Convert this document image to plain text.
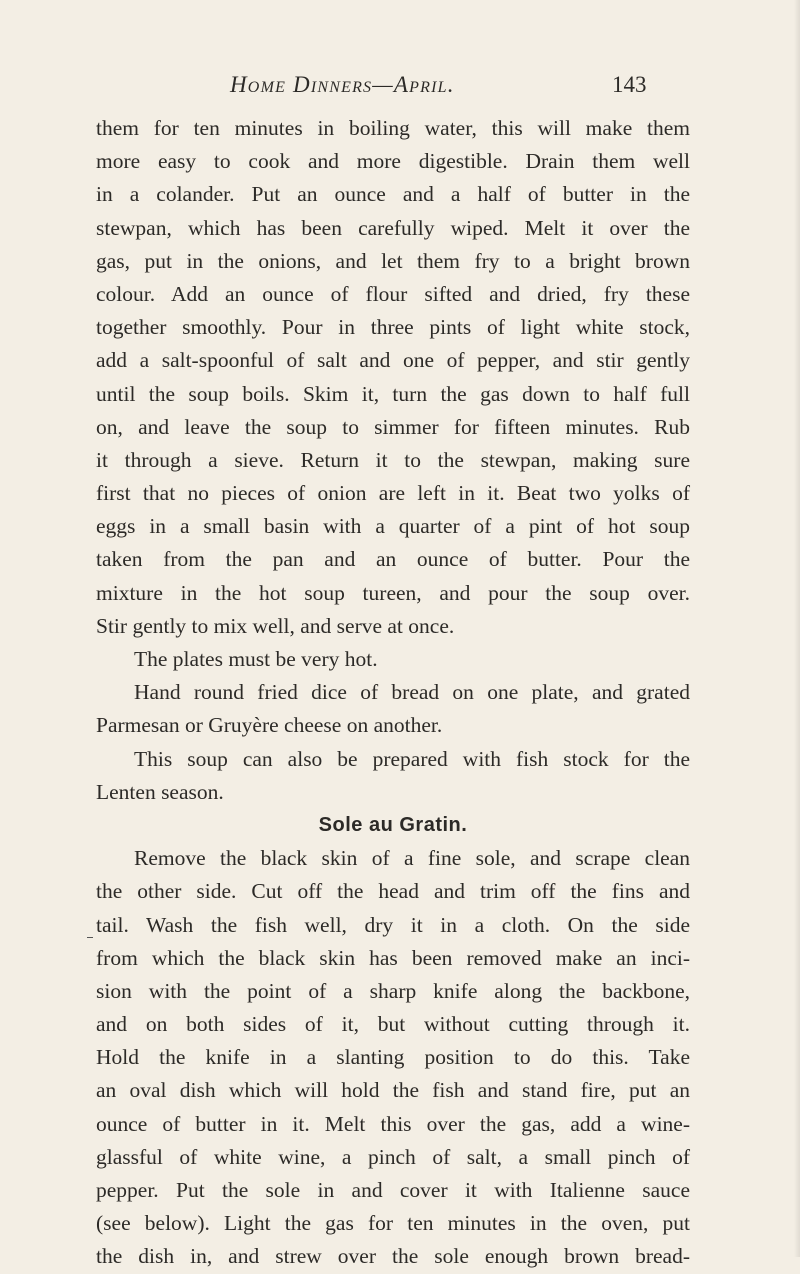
Home Dinners—April.	143
them for ten minutes in boiling water, this will make them
more easy to cook and more digestible. Drain them well
in a colander. Put an ounce and a half of butter in the
stewpan, which has been carefully wiped. Melt it over the
gas, put in the onions, and let them fry to a bright brown
colour. Add an ounce of flour sifted and dried, fry these
together smoothly. Pour in three pints of light white stock,
add a salt-spoonful of salt and one of pepper, and stir gently
until the soup boils. Skim it, turn the gas down to half full
on, and leave the soup to simmer for fifteen minutes. Rub
it through a sieve. Return it to the stewpan, making sure
first that no pieces of onion are left in it. Beat two yolks of
eggs in a small basin with a quarter of a pint of hot soup
taken from the pan and an ounce of butter. Pour the
mixture in the hot soup tureen, and pour the soup over.
Stir gently to mix well, and serve at once.
The plates must be very hot.
Hand round fried dice of bread on one plate, and grated
Parmesan or Gruyère cheese on another.
This soup can also be prepared with fish stock for the
Lenten season.
Sole au Gratin.
Remove the black skin of a fine sole, and scrape clean
the other side. Cut off the head and trim off the fins and
tail. Wash the fish well, dry it in a cloth. On the side
from which the black skin has been removed make an inci-
sion with the point of a sharp knife along the backbone,
and on both sides of it, but without cutting through it.
Hold the knife in a slanting position to do this. Take
an oval dish which will hold the fish and stand fire, put an
ounce of butter in it. Melt this over the gas, add a wine-
glassful of white wine, a pinch of salt, a small pinch of
pepper. Put the sole in and cover it with Italienne sauce
(see below). Light the gas for ten minutes in the oven, put
the dish in, and strew over the sole enough brown bread-
